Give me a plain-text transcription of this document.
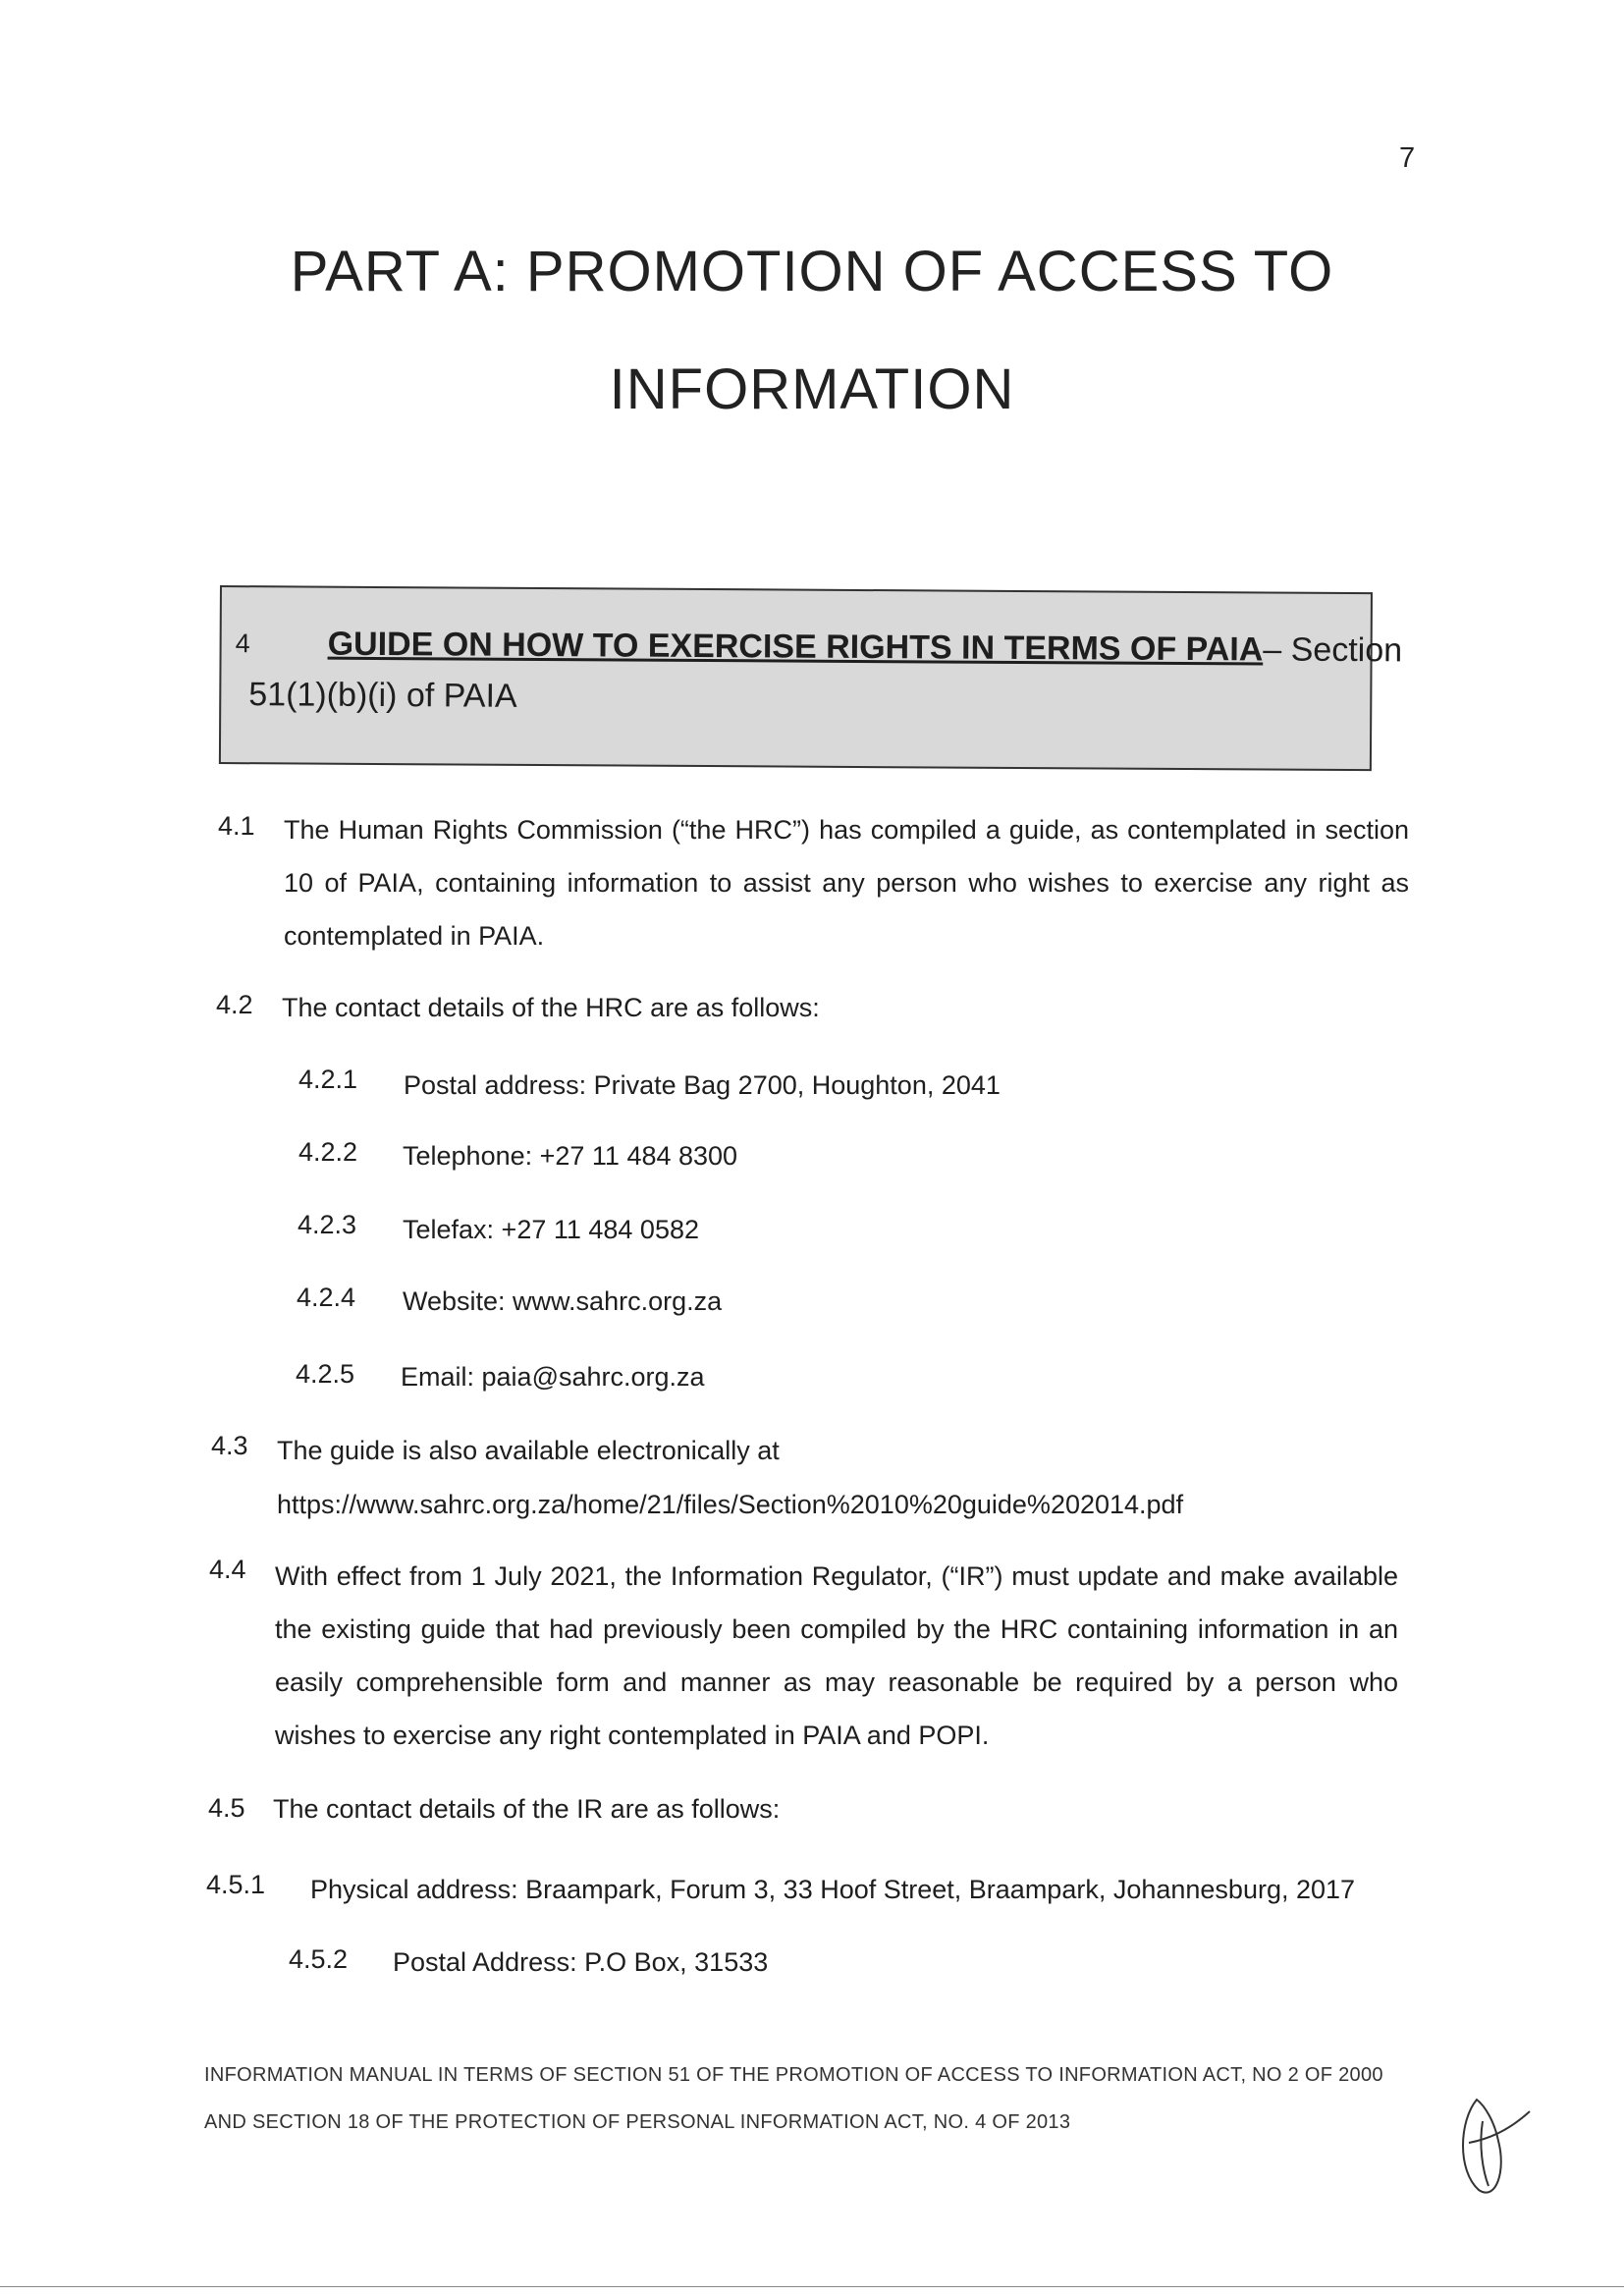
7
PART A: PROMOTION OF ACCESS TO
INFORMATION
4 GUIDE ON HOW TO EXERCISE RIGHTS IN TERMS OF PAIA– Section
51(1)(b)(i) of PAIA
4.1 The Human Rights Commission (“the HRC”) has compiled a guide, as contemplated in section 10 of PAIA, containing information to assist any person who wishes to exercise any right as contemplated in PAIA.
4.2 The contact details of the HRC are as follows:
4.2.1 Postal address: Private Bag 2700, Houghton, 2041
4.2.2 Telephone: +27 11 484 8300
4.2.3 Telefax: +27 11 484 0582
4.2.4 Website: www.sahrc.org.za
4.2.5 Email: paia@sahrc.org.za
4.3 The guide is also available electronically at
https://www.sahrc.org.za/home/21/files/Section%2010%20guide%202014.pdf
4.4 With effect from 1 July 2021, the Information Regulator, (“IR”) must update and make available the existing guide that had previously been compiled by the HRC containing information in an easily comprehensible form and manner as may reasonable be required by a person who wishes to exercise any right contemplated in PAIA and POPI.
4.5 The contact details of the IR are as follows:
4.5.1 Physical address: Braampark, Forum 3, 33 Hoof Street, Braampark, Johannesburg, 2017
4.5.2 Postal Address: P.O Box, 31533
INFORMATION MANUAL IN TERMS OF SECTION 51 OF THE PROMOTION OF ACCESS TO INFORMATION ACT, NO 2 OF 2000
AND SECTION 18 OF THE PROTECTION OF PERSONAL INFORMATION ACT, NO. 4 OF 2013
